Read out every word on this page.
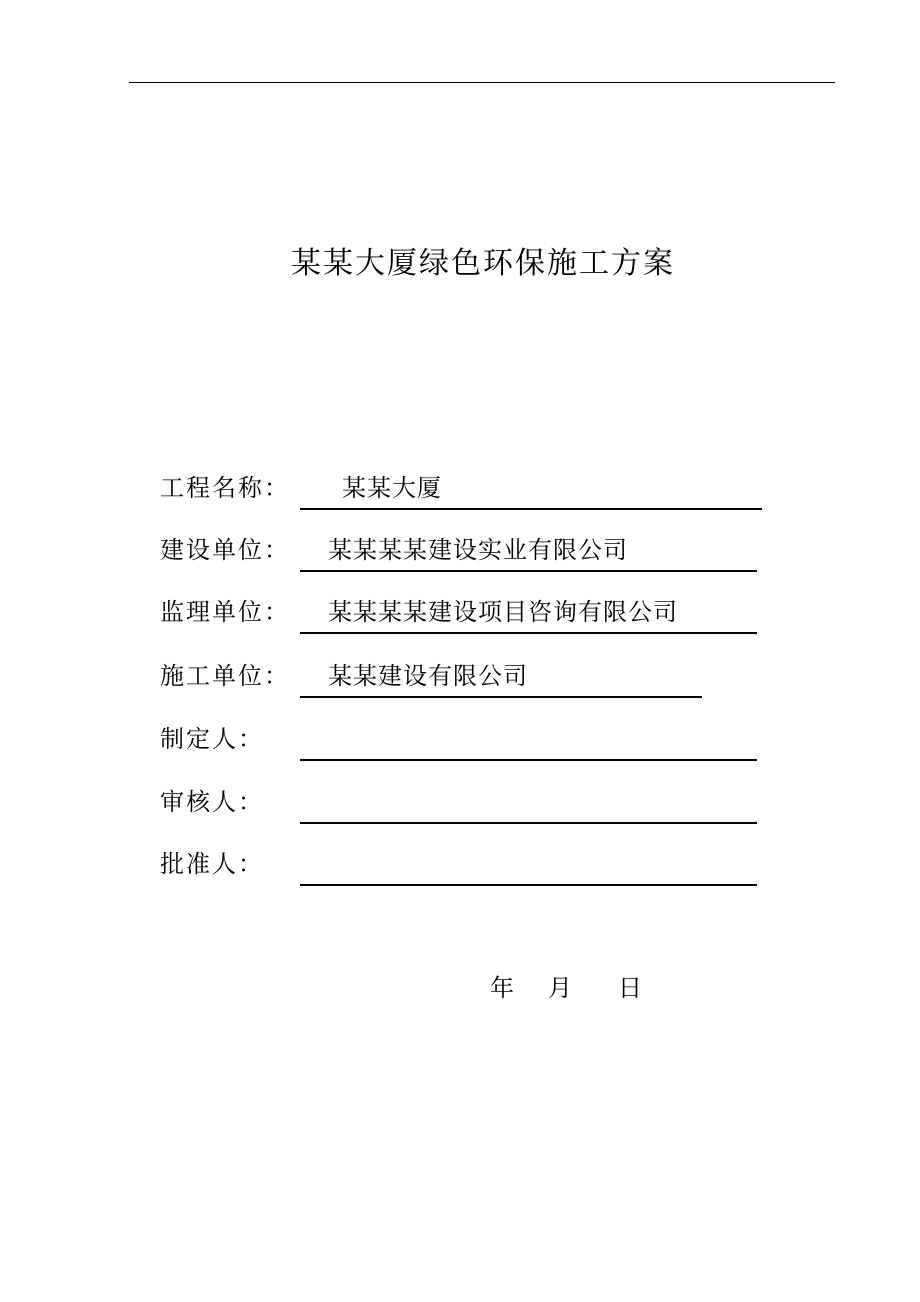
某某大厦绿色环保施工方案
工程名称： 某某大厦
建设单位： 某某某某建设实业有限公司
监理单位： 某某某某建设项目咨询有限公司
施工单位： 某某建设有限公司
制定人：
审核人：
批准人：
年 月 日
